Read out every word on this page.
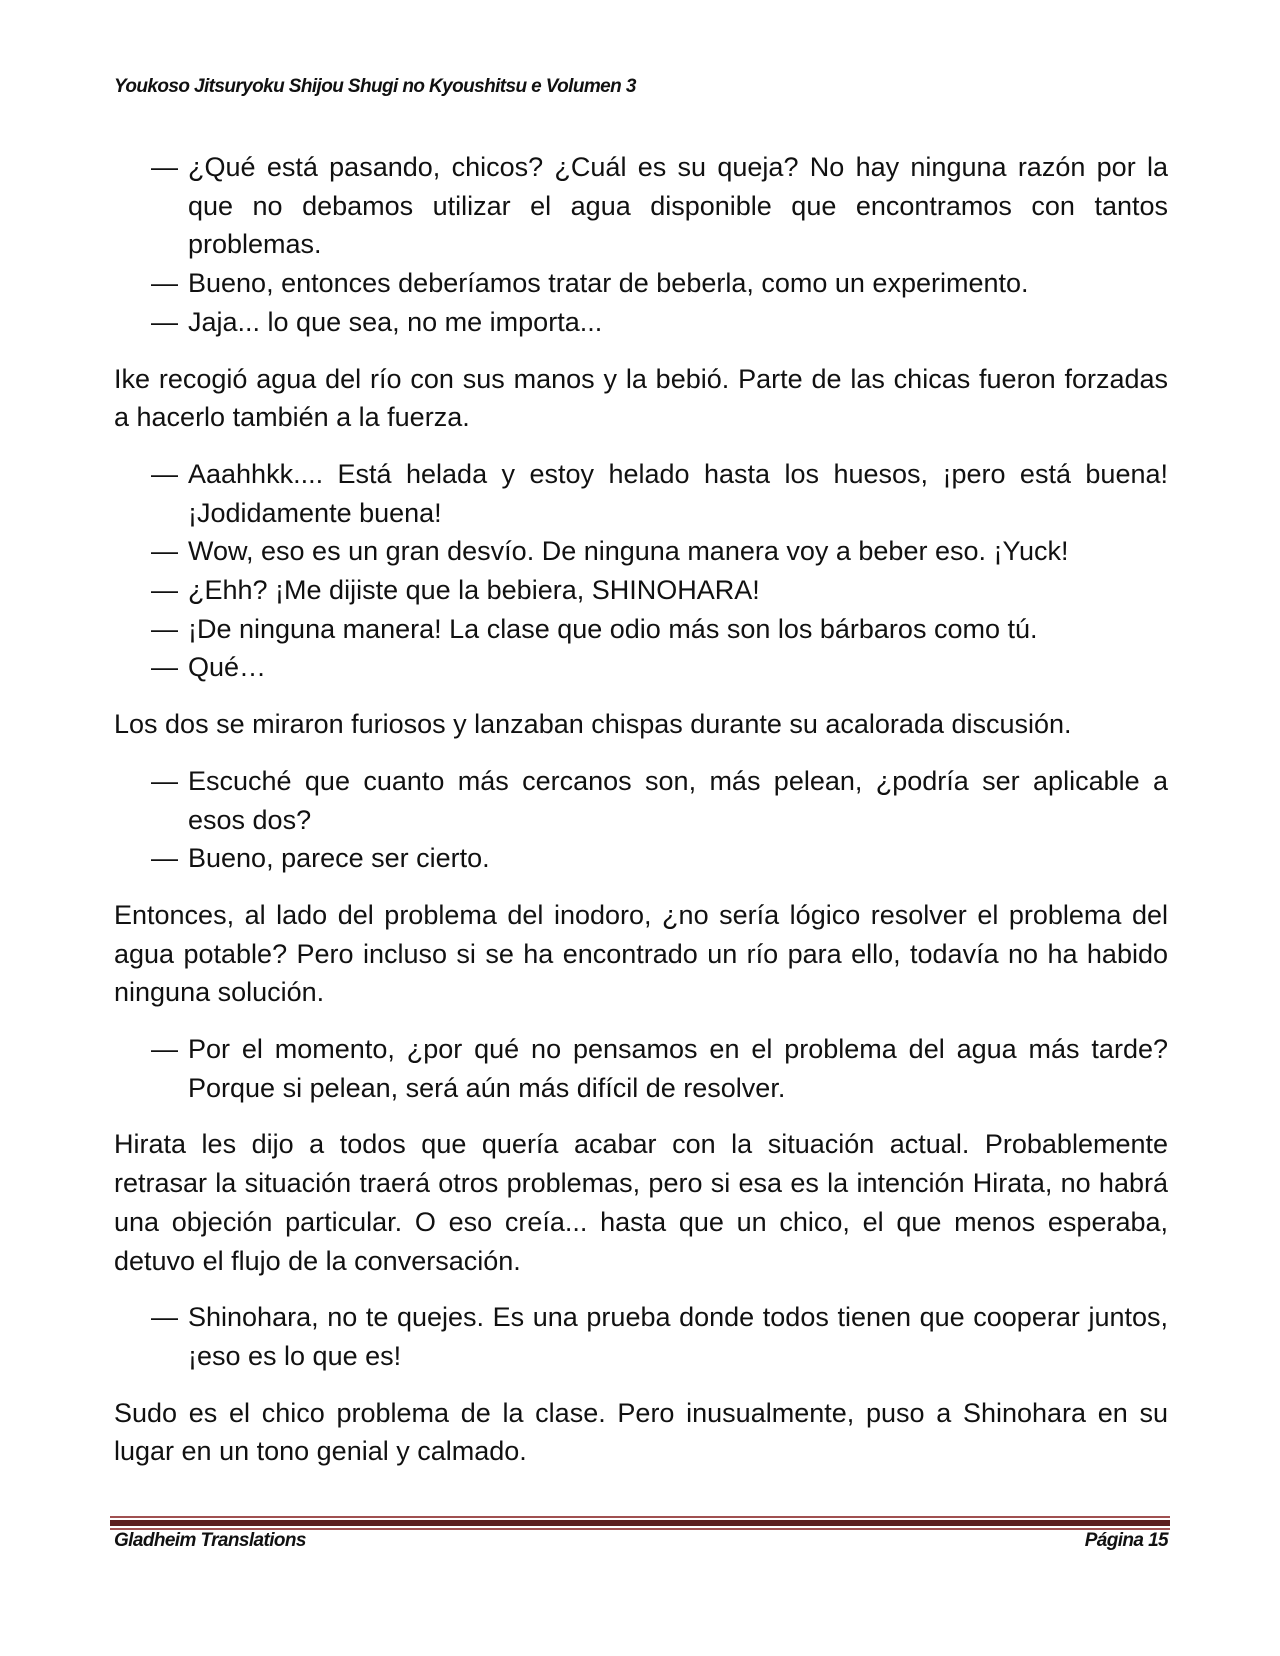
Youkoso Jitsuryoku Shijou Shugi no Kyoushitsu e Volumen 3
— ¿Qué está pasando, chicos? ¿Cuál es su queja? No hay ninguna razón por la que no debamos utilizar el agua disponible que encontramos con tantos problemas.
— Bueno, entonces deberíamos tratar de beberla, como un experimento.
— Jaja... lo que sea, no me importa...

Ike recogió agua del río con sus manos y la bebió. Parte de las chicas fueron forzadas a hacerlo también a la fuerza.

— Aaahhkk.... Está helada y estoy helado hasta los huesos, ¡pero está buena! ¡Jodidamente buena!
— Wow, eso es un gran desvío. De ninguna manera voy a beber eso. ¡Yuck!
— ¿Ehh? ¡Me dijiste que la bebiera, SHINOHARA!
— ¡De ninguna manera! La clase que odio más son los bárbaros como tú.
— Qué…

Los dos se miraron furiosos y lanzaban chispas durante su acalorada discusión.

— Escuché que cuanto más cercanos son, más pelean, ¿podría ser aplicable a esos dos?
— Bueno, parece ser cierto.

Entonces, al lado del problema del inodoro, ¿no sería lógico resolver el problema del agua potable? Pero incluso si se ha encontrado un río para ello, todavía no ha habido ninguna solución.

— Por el momento, ¿por qué no pensamos en el problema del agua más tarde? Porque si pelean, será aún más difícil de resolver.

Hirata les dijo a todos que quería acabar con la situación actual. Probablemente retrasar la situación traerá otros problemas, pero si esa es la intención Hirata, no habrá una objeción particular. O eso creía... hasta que un chico, el que menos esperaba, detuvo el flujo de la conversación.

— Shinohara, no te quejes. Es una prueba donde todos tienen que cooperar juntos, ¡eso es lo que es!

Sudo es el chico problema de la clase. Pero inusualmente, puso a Shinohara en su lugar en un tono genial y calmado.

Gladheim Translations	Página 15
